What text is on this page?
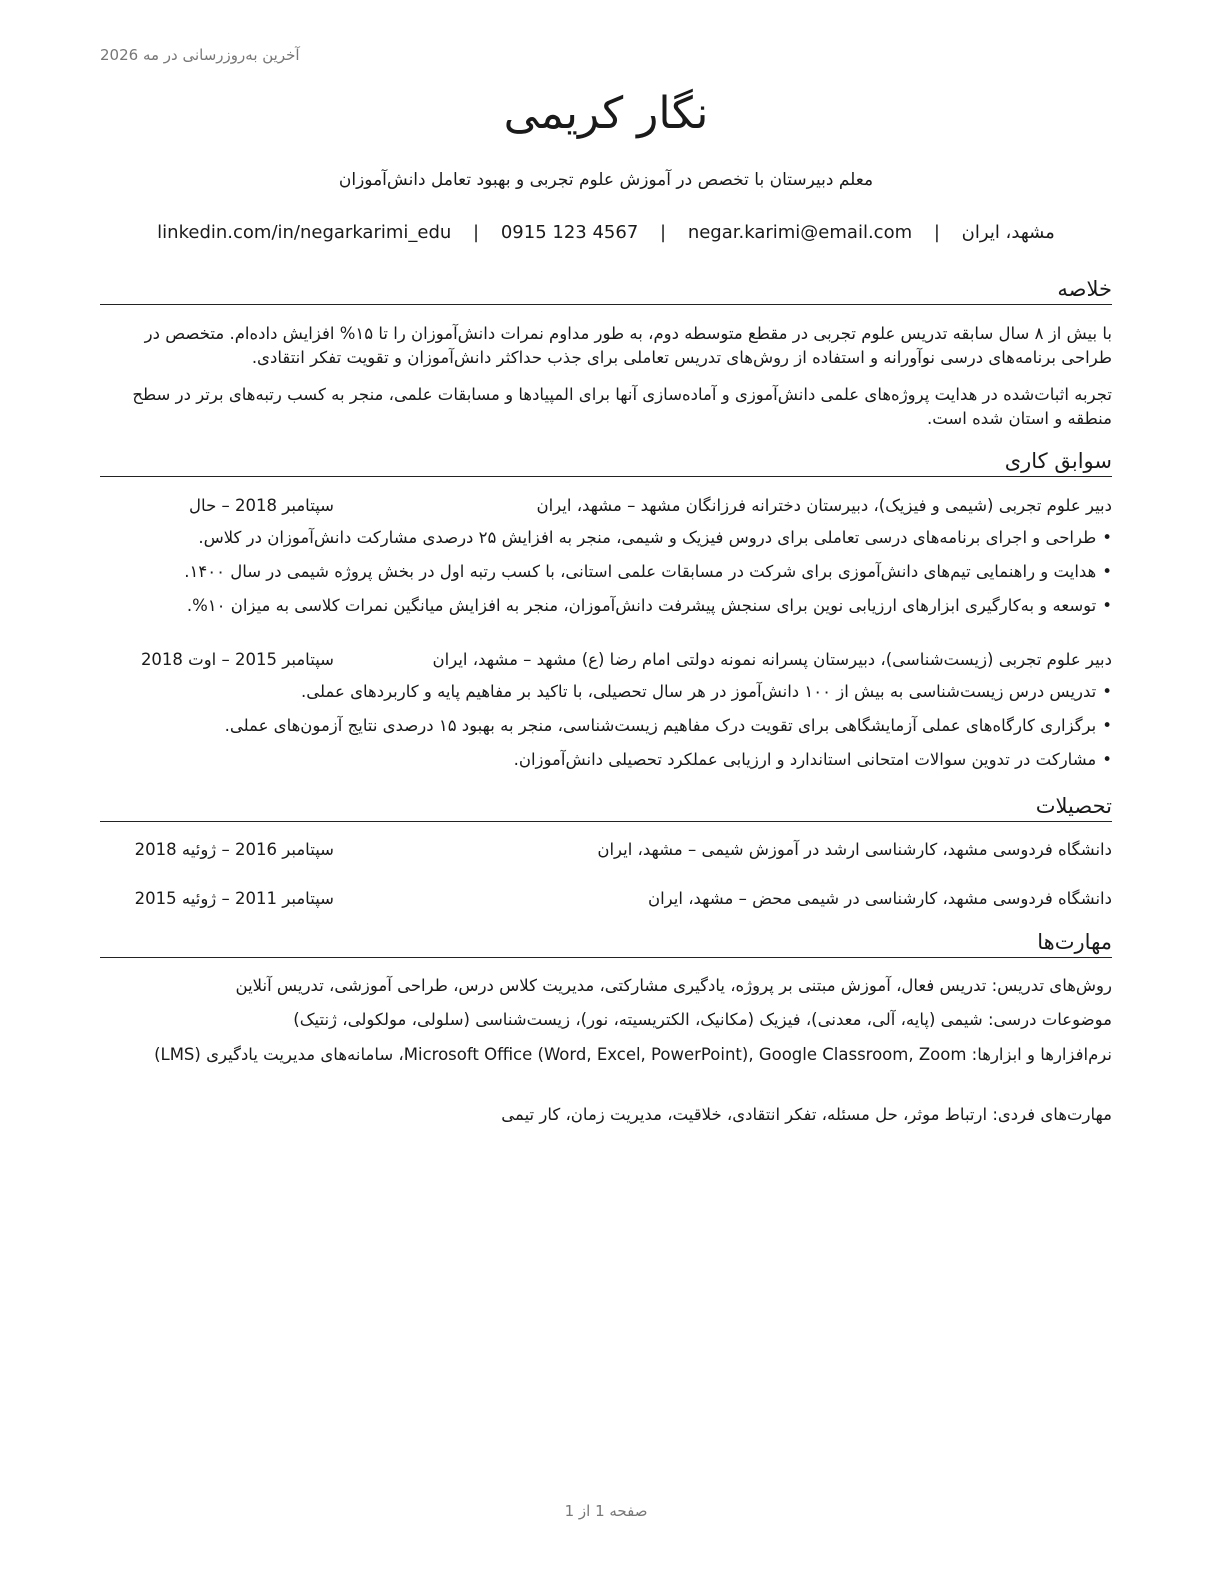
آخرین به‌روزرسانی در مه 2026
نگار کریمی
معلم دبیرستان با تخصص در آموزش علوم تجربی و بهبود تعامل دانش‌آموزان
مشهد، ایران | negar.karimi@email.com | 0915 123 4567 | linkedin.com/in/negarkarimi_edu
خلاصه
با بیش از ۸ سال سابقه تدریس علوم تجربی در مقطع متوسطه دوم، به طور مداوم نمرات دانش‌آموزان را تا ۱۵% افزایش داده‌ام. متخصص در طراحی برنامه‌های درسی نوآورانه و استفاده از روش‌های تدریس تعاملی برای جذب حداکثر دانش‌آموزان و تقویت تفکر انتقادی.
تجربه اثبات‌شده در هدایت پروژه‌های علمی دانش‌آموزی و آماده‌سازی آنها برای المپیادها و مسابقات علمی، منجر به کسب رتبه‌های برتر در سطح منطقه و استان شده است.
سوابق کاری
دبیر علوم تجربی (شیمی و فیزیک)، دبیرستان دخترانه فرزانگان مشهد – مشهد، ایران
سپتامبر 2018 – حال
•طراحی و اجرای برنامه‌های درسی تعاملی برای دروس فیزیک و شیمی، منجر به افزایش ۲۵ درصدی مشارکت دانش‌آموزان در کلاس.
•هدایت و راهنمایی تیم‌های دانش‌آموزی برای شرکت در مسابقات علمی استانی، با کسب رتبه اول در بخش پروژه شیمی در سال ۱۴۰۰.
•توسعه و به‌کارگیری ابزارهای ارزیابی نوین برای سنجش پیشرفت دانش‌آموزان، منجر به افزایش میانگین نمرات کلاسی به میزان ۱۰%.
دبیر علوم تجربی (زیست‌شناسی)، دبیرستان پسرانه نمونه دولتی امام رضا (ع) مشهد – مشهد، ایران
سپتامبر 2015 – اوت 2018
•تدریس درس زیست‌شناسی به بیش از ۱۰۰ دانش‌آموز در هر سال تحصیلی، با تاکید بر مفاهیم پایه و کاربردهای عملی.
•برگزاری کارگاه‌های عملی آزمایشگاهی برای تقویت درک مفاهیم زیست‌شناسی، منجر به بهبود ۱۵ درصدی نتایج آزمون‌های عملی.
•مشارکت در تدوین سوالات امتحانی استاندارد و ارزیابی عملکرد تحصیلی دانش‌آموزان.
تحصیلات
دانشگاه فردوسی مشهد، کارشناسی ارشد در آموزش شیمی – مشهد، ایران
سپتامبر 2016 – ژوئیه 2018
دانشگاه فردوسی مشهد، کارشناسی در شیمی محض – مشهد، ایران
سپتامبر 2011 – ژوئیه 2015
مهارت‌ها
روش‌های تدریس: تدریس فعال، آموزش مبتنی بر پروژه، یادگیری مشارکتی، مدیریت کلاس درس، طراحی آموزشی، تدریس آنلاین
موضوعات درسی: شیمی (پایه، آلی، معدنی)، فیزیک (مکانیک، الکتریسیته، نور)، زیست‌شناسی (سلولی، مولکولی، ژنتیک)
نرم‌افزارها و ابزارها: Microsoft Office (Word, Excel, PowerPoint), Google Classroom, Zoom، سامانه‌های مدیریت یادگیری (LMS)
مهارت‌های فردی: ارتباط موثر، حل مسئله، تفکر انتقادی، خلاقیت، مدیریت زمان، کار تیمی
صفحه 1 از 1
